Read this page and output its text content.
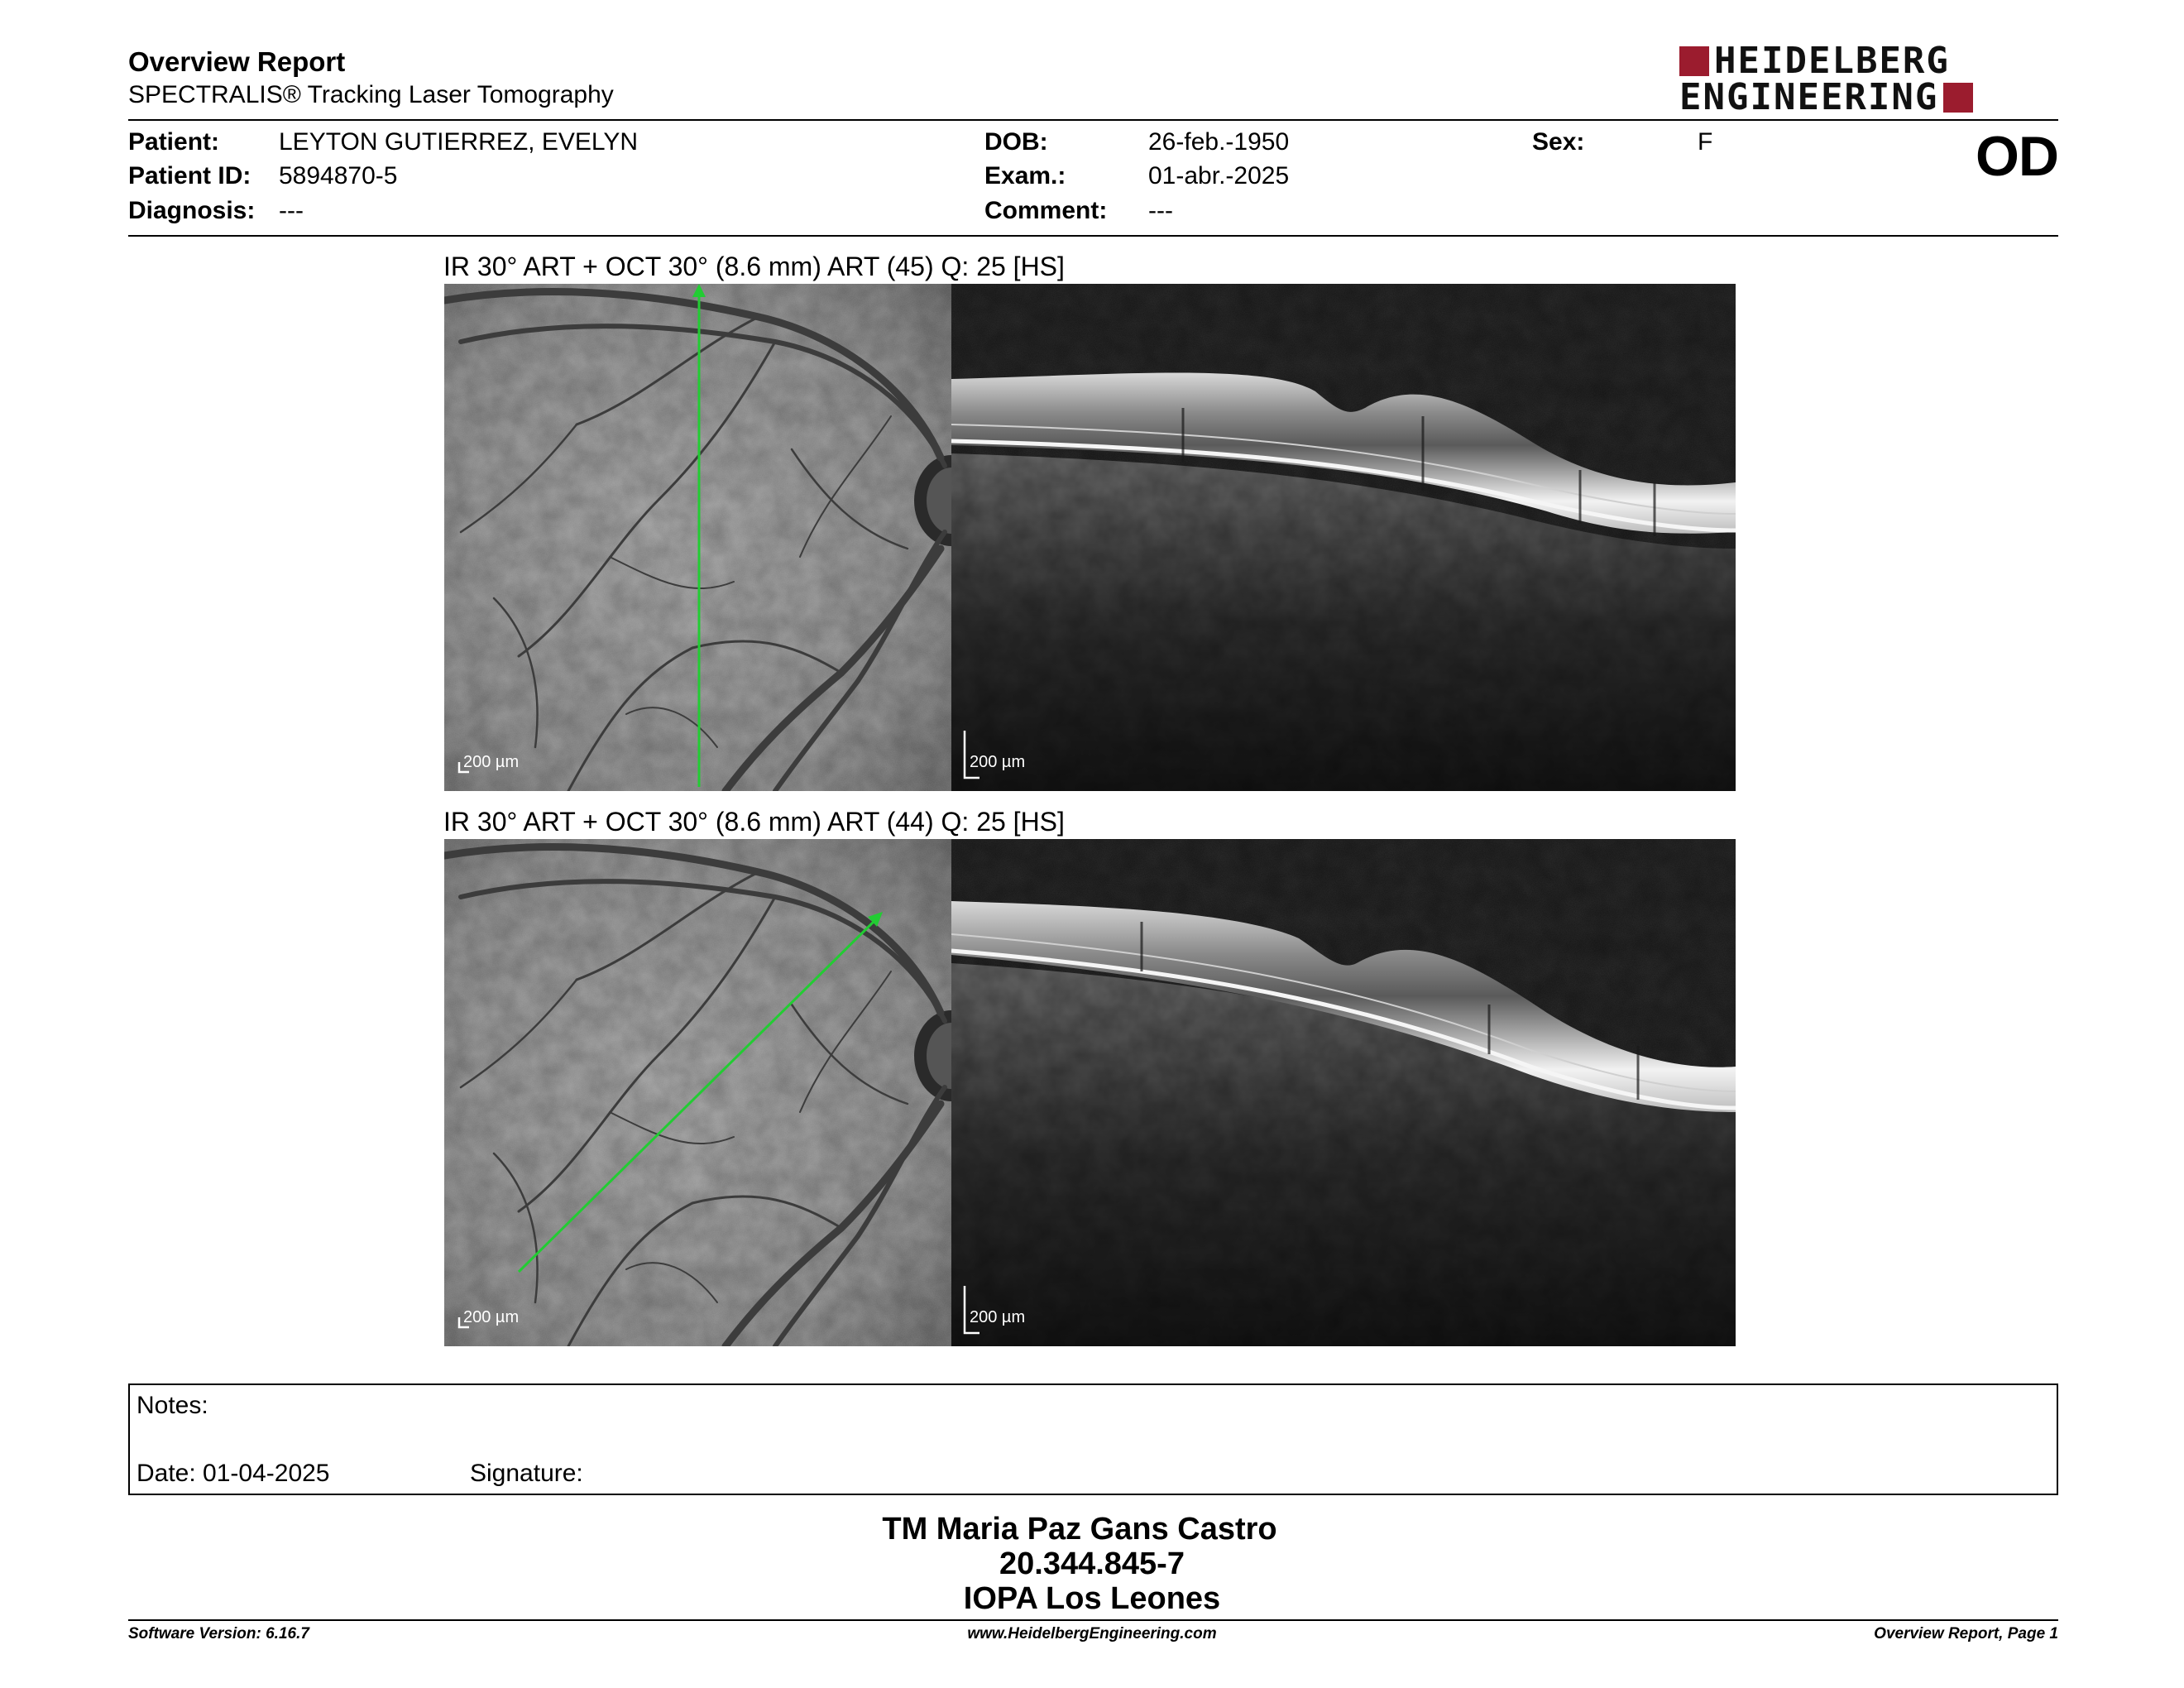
Overview Report
SPECTRALIS® Tracking Laser Tomography
HEIDELBERG
ENGINEERING
Patient: LEYTON GUTIERREZ, EVELYN
Patient ID: 5894870-5
Diagnosis: ---
DOB:	26-feb.-1950
Exam.:	01-abr.-2025
Comment: ---
Sex:	F	OD
IR 30° ART + OCT 30° (8.6 mm) ART (45) Q: 25 [HS]
200 µm	200 µm
IR 30° ART + OCT 30° (8.6 mm) ART (44) Q: 25 [HS]
200 µm	200 µm
Notes:
Date: 01-04-2025	Signature:
TM Maria Paz Gans Castro
20.344.845-7
IOPA Los Leones
Software Version: 6.16.7	www.HeidelbergEngineering.com	Overview Report, Page 1
